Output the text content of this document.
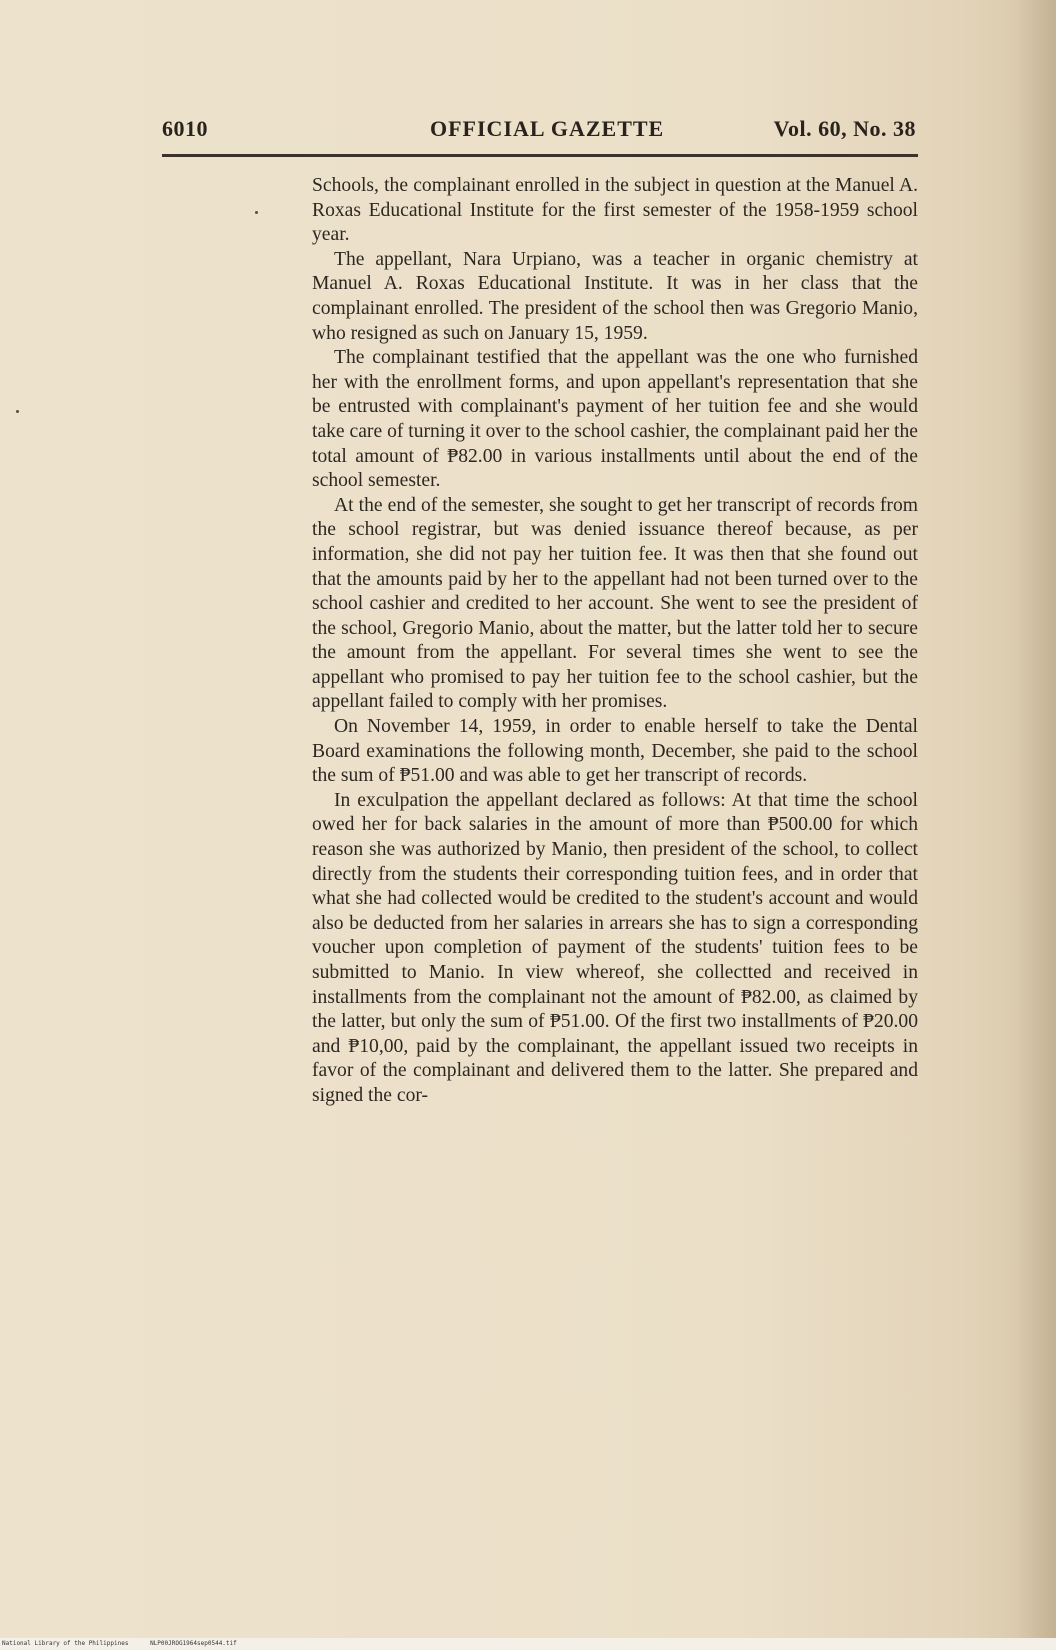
6010	OFFICIAL GAZETTE	Vol. 60, No. 38

Schools, the complainant enrolled in the subject in question at the Manuel A. Roxas Educational Institute for the first semester of the 1958-1959 school year.

The appellant, Nara Urpiano, was a teacher in organic chemistry at Manuel A. Roxas Educational Institute. It was in her class that the complainant enrolled. The president of the school then was Gregorio Manio, who resigned as such on January 15, 1959.

The complainant testified that the appellant was the one who furnished her with the enrollment forms, and upon appellant's representation that she be entrusted with complainant's payment of her tuition fee and she would take care of turning it over to the school cashier, the complainant paid her the total amount of ₱82.00 in various installments until about the end of the school semester.

At the end of the semester, she sought to get her transcript of records from the school registrar, but was denied issuance thereof because, as per information, she did not pay her tuition fee. It was then that she found out that the amounts paid by her to the appellant had not been turned over to the school cashier and credited to her account. She went to see the president of the school, Gregorio Manio, about the matter, but the latter told her to secure the amount from the appellant. For several times she went to see the appellant who promised to pay her tuition fee to the school cashier, but the appellant failed to comply with her promises.

On November 14, 1959, in order to enable herself to take the Dental Board examinations the following month, December, she paid to the school the sum of ₱51.00 and was able to get her transcript of records.

In exculpation the appellant declared as follows: At that time the school owed her for back salaries in the amount of more than ₱500.00 for which reason she was authorized by Manio, then president of the school, to collect directly from the students their corresponding tuition fees, and in order that what she had collected would be credited to the student's account and would also be deducted from her salaries in arrears she has to sign a corresponding voucher upon completion of payment of the students' tuition fees to be submitted to Manio. In view whereof, she collectted and received in installments from the complainant not the amount of ₱82.00, as claimed by the latter, but only the sum of ₱51.00. Of the first two installments of ₱20.00 and ₱10,00, paid by the complainant, the appellant issued two receipts in favor of the complainant and delivered them to the latter. She prepared and signed the cor-

National Library of the Philippines	NLP00JROG1964sep0544.tif
